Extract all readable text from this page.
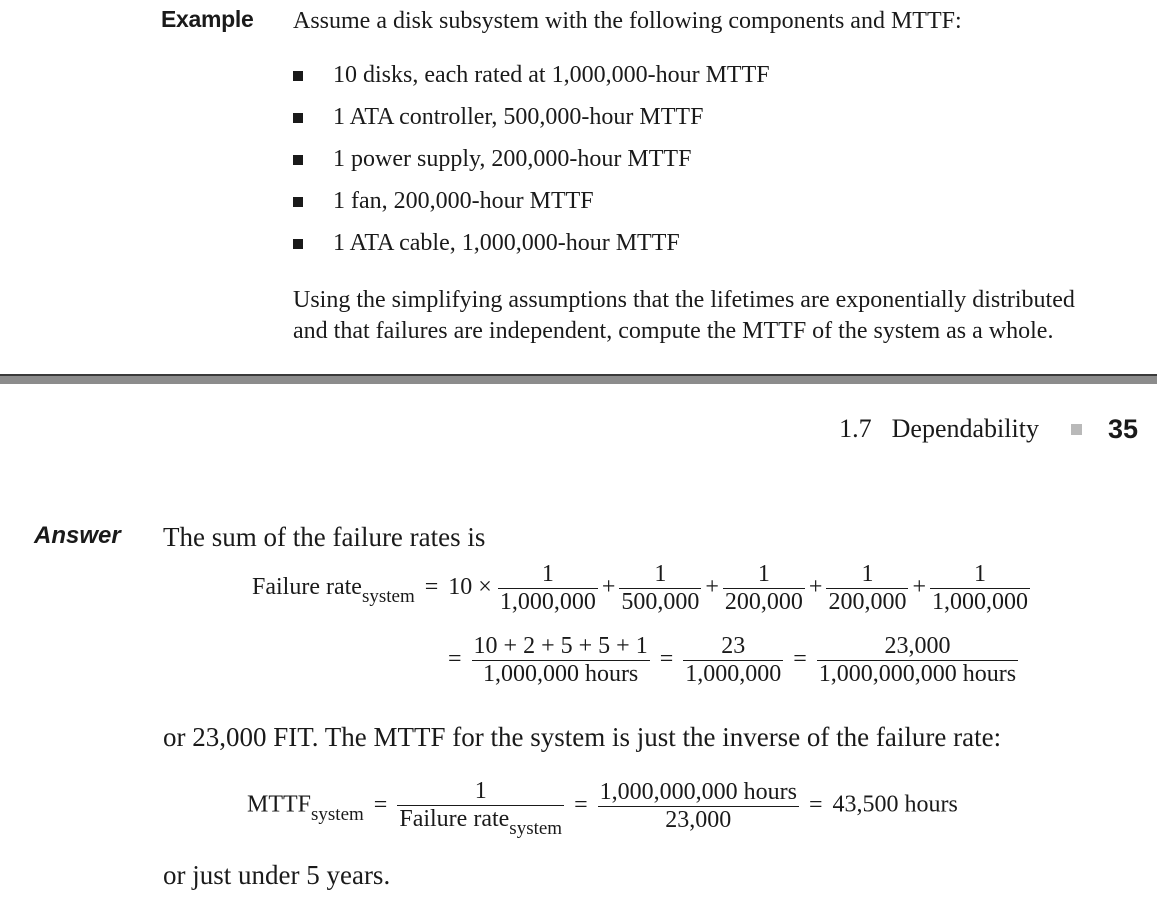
Example Assume a disk subsystem with the following components and MTTF:
10 disks, each rated at 1,000,000-hour MTTF
1 ATA controller, 500,000-hour MTTF
1 power supply, 200,000-hour MTTF
1 fan, 200,000-hour MTTF
1 ATA cable, 1,000,000-hour MTTF

Using the simplifying assumptions that the lifetimes are exponentially distributed

and that failures are independent, compute the MTTF of the system as a whole.

1.7 Dependability	35
Answer The sum of the failure rates is
Failure rate$_{system}$ = $10 \times \frac{1}{1,000,000} + \frac{1}{500,000} + \frac{1}{200,000} + \frac{1}{200,000} + \frac{1}{1,000,000}$
= $\frac{10 + 2 + 5 + 5 + 1}{\text{1,000,000 hours}} = \frac{23}{1,000,000} = \frac{23,000}{\text{1,000,000,000 hours}}$
or 23,000 FIT. The MTTF for the system is just the inverse of the failure rate:
$MTTF_{system} = \frac{1}{Failure rate_{system}} = \frac{\text{1,000,000,000 hours}}{23,000} = 43,500$ hours
or just under 5 years.
